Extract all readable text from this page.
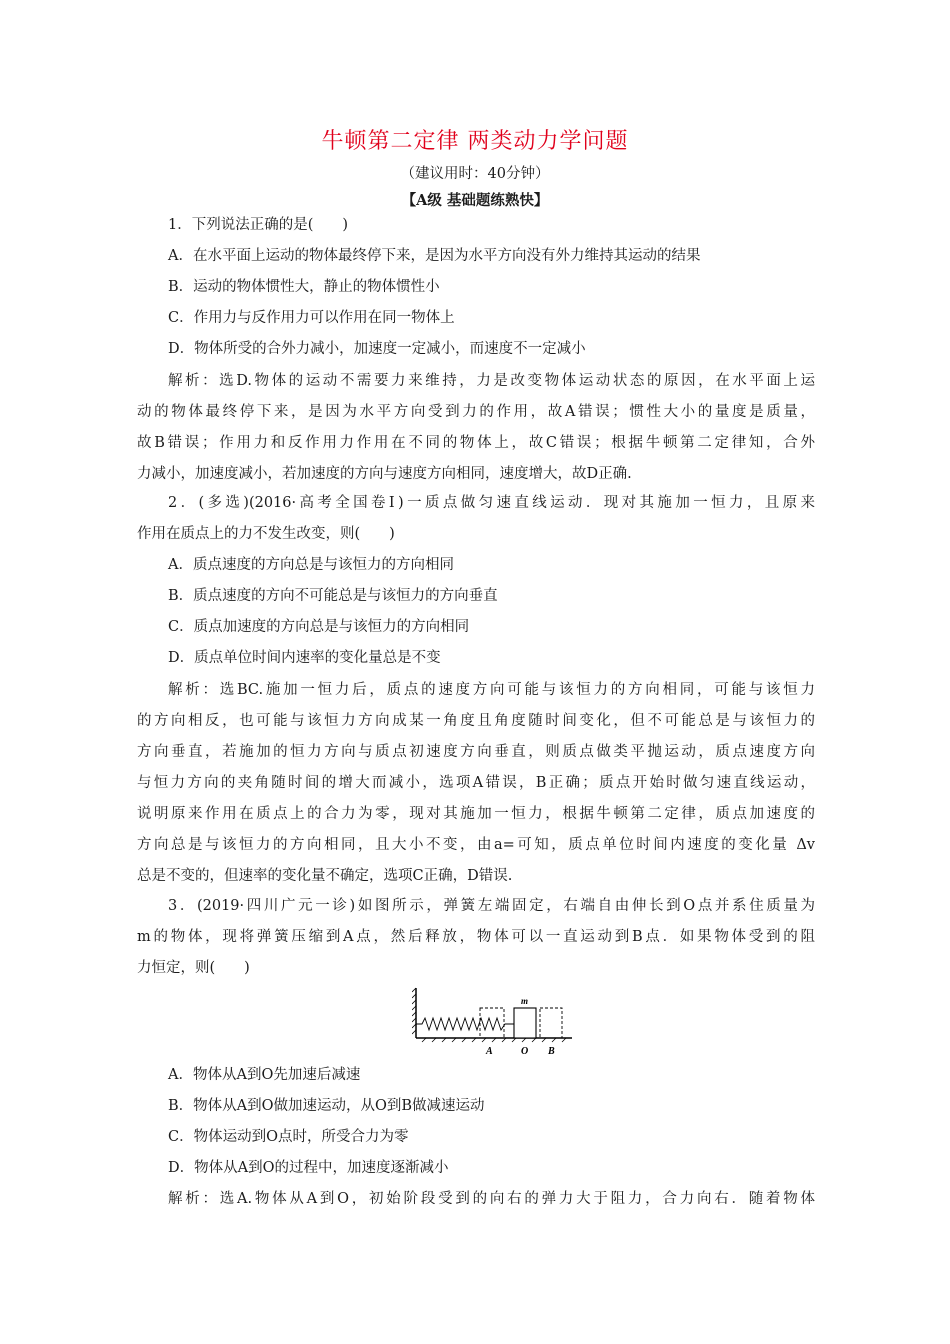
牛顿第二定律 两类动力学问题
（建议用时：40分钟）
【A级 基础题练熟快】
1．下列说法正确的是(　　)
A．在水平面上运动的物体最终停下来，是因为水平方向没有外力维持其运动的结果
B．运动的物体惯性大，静止的物体惯性小
C．作用力与反作用力可以作用在同一物体上
D．物体所受的合外力减小，加速度一定减小，而速度不一定减小
解析：选D.物体的运动不需要力来维持，力是改变物体运动状态的原因，在水平面上运
动的物体最终停下来，是因为水平方向受到力的作用，故A错误；惯性大小的量度是质量，
故B错误；作用力和反作用力作用在不同的物体上，故C错误；根据牛顿第二定律知，合外
力减小，加速度减小，若加速度的方向与速度方向相同，速度增大，故D正确.
2．(多选)(2016·高考全国卷Ⅰ)一质点做匀速直线运动．现对其施加一恒力，且原来
作用在质点上的力不发生改变，则(　　)
A．质点速度的方向总是与该恒力的方向相同
B．质点速度的方向不可能总是与该恒力的方向垂直
C．质点加速度的方向总是与该恒力的方向相同
D．质点单位时间内速率的变化量总是不变
解析：选BC.施加一恒力后，质点的速度方向可能与该恒力的方向相同，可能与该恒力
的方向相反，也可能与该恒力方向成某一角度且角度随时间变化，但不可能总是与该恒力的
方向垂直，若施加的恒力方向与质点初速度方向垂直，则质点做类平抛运动，质点速度方向
与恒力方向的夹角随时间的增大而减小，选项A错误，B正确；质点开始时做匀速直线运动，
说明原来作用在质点上的合力为零，现对其施加一恒力，根据牛顿第二定律，质点加速度的
方向总是与该恒力的方向相同，且大小不变，由a=可知，质点单位时间内速度的变化量 Δv
总是不变的，但速率的变化量不确定，选项C正确，D错误.
3．(2019·四川广元一诊)如图所示，弹簧左端固定，右端自由伸长到O点并系住质量为
m的物体，现将弹簧压缩到A点，然后释放，物体可以一直运动到B点．如果物体受到的阻
力恒定，则(　　)
m
A	O B
A．物体从A到O先加速后减速
B．物体从A到O做加速运动，从O到B做减速运动
C．物体运动到O点时，所受合力为零
D．物体从A到O的过程中，加速度逐渐减小
解析：选A.物体从A到O，初始阶段受到的向右的弹力大于阻力，合力向右．随着物体
